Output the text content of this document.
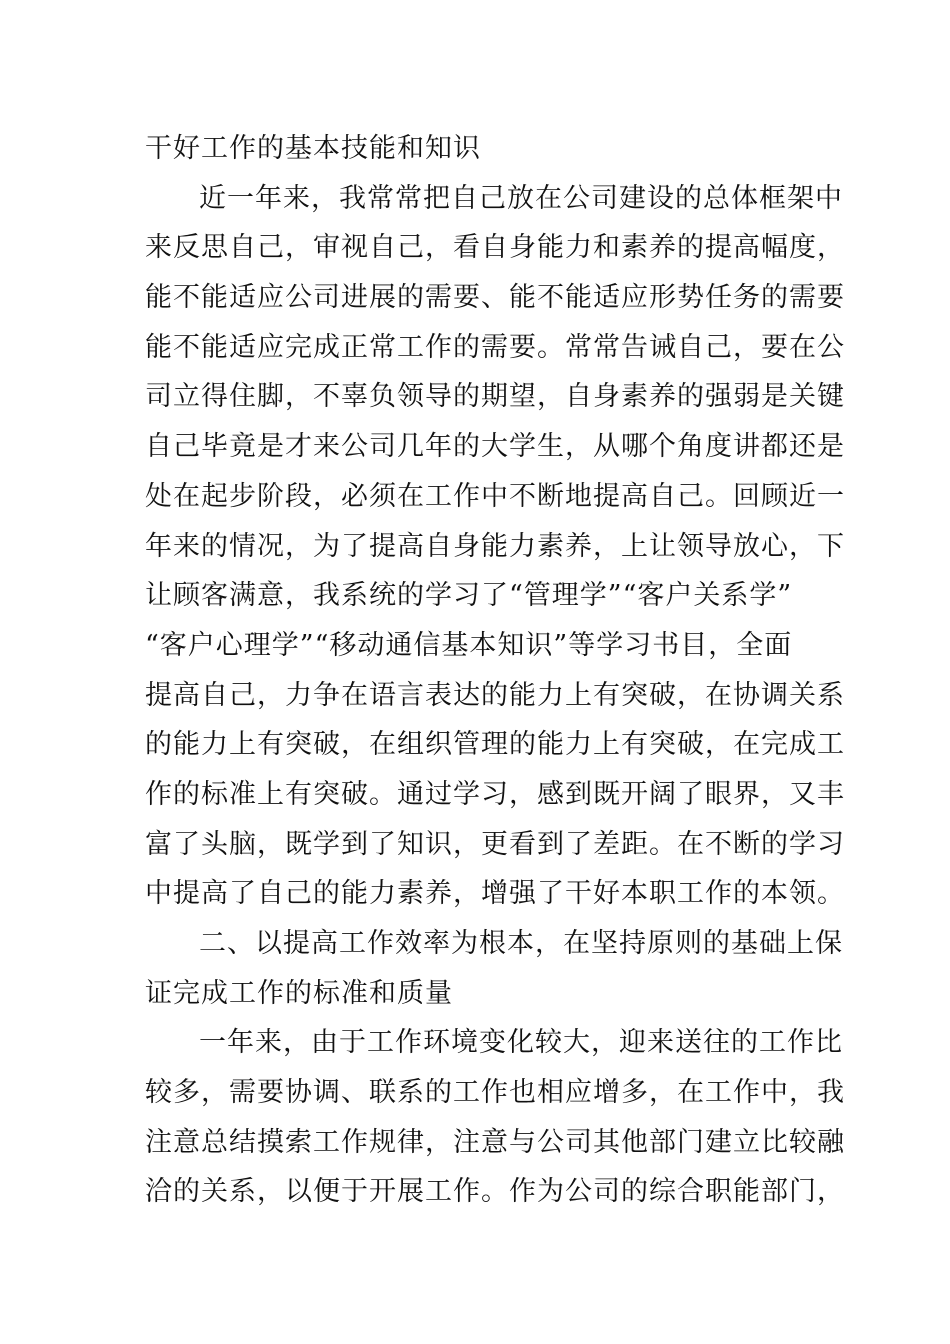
干好工作的基本技能和知识
近一年来，我常常把自己放在公司建设的总体框架中
来反思自己，审视自己，看自身能力和素养的提高幅度，
能不能适应公司进展的需要、能不能适应形势任务的需要
能不能适应完成正常工作的需要。常常告诫自己，要在公
司立得住脚，不辜负领导的期望，自身素养的强弱是关键
自己毕竟是才来公司几年的大学生，从哪个角度讲都还是
处在起步阶段，必须在工作中不断地提高自己。回顾近一
年来的情况，为了提高自身能力素养，上让领导放心，下
让顾客满意，我系统的学习了“管理学”“客户关系学”
“客户心理学”“移动通信基本知识”等学习书目，全面
提高自己，力争在语言表达的能力上有突破，在协调关系
的能力上有突破，在组织管理的能力上有突破，在完成工
作的标准上有突破。通过学习，感到既开阔了眼界，又丰
富了头脑，既学到了知识，更看到了差距。在不断的学习
中提高了自己的能力素养，增强了干好本职工作的本领。
二、以提高工作效率为根本，在坚持原则的基础上保
证完成工作的标准和质量
一年来，由于工作环境变化较大，迎来送往的工作比
较多，需要协调、联系的工作也相应增多，在工作中，我
注意总结摸索工作规律，注意与公司其他部门建立比较融
洽的关系，以便于开展工作。作为公司的综合职能部门，
